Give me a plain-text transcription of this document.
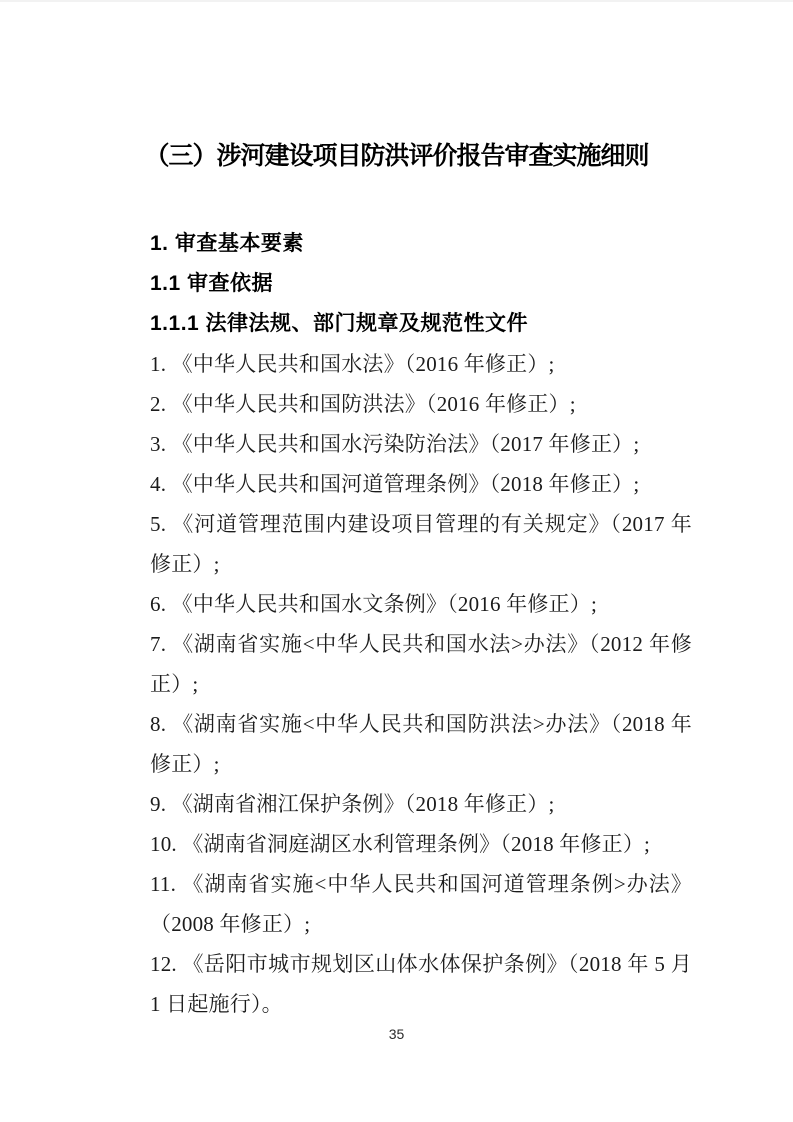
（三）涉河建设项目防洪评价报告审查实施细则
1. 审查基本要素
1.1 审查依据
1.1.1 法律法规、部门规章及规范性文件

1. 《中华人民共和国水法》（2016 年修正）;

2. 《中华人民共和国防洪法》（2016 年修正）;

3. 《中华人民共和国水污染防治法》（2017 年修正）;

4. 《中华人民共和国河道管理条例》（2018 年修正）;

5. 《河道管理范围内建设项目管理的有关规定》（2017 年修正）;

6. 《中华人民共和国水文条例》（2016 年修正）;

7. 《湖南省实施<中华人民共和国水法>办法》（2012 年修正）;

8. 《湖南省实施<中华人民共和国防洪法>办法》（2018 年修正）;

9. 《湖南省湘江保护条例》（2018 年修正）;

10. 《湖南省洞庭湖区水利管理条例》（2018 年修正）;

11. 《湖南省实施<中华人民共和国河道管理条例>办法》（2008 年修正）;

12. 《岳阳市城市规划区山体水体保护条例》（2018 年 5 月 1 日起施行）。

35
